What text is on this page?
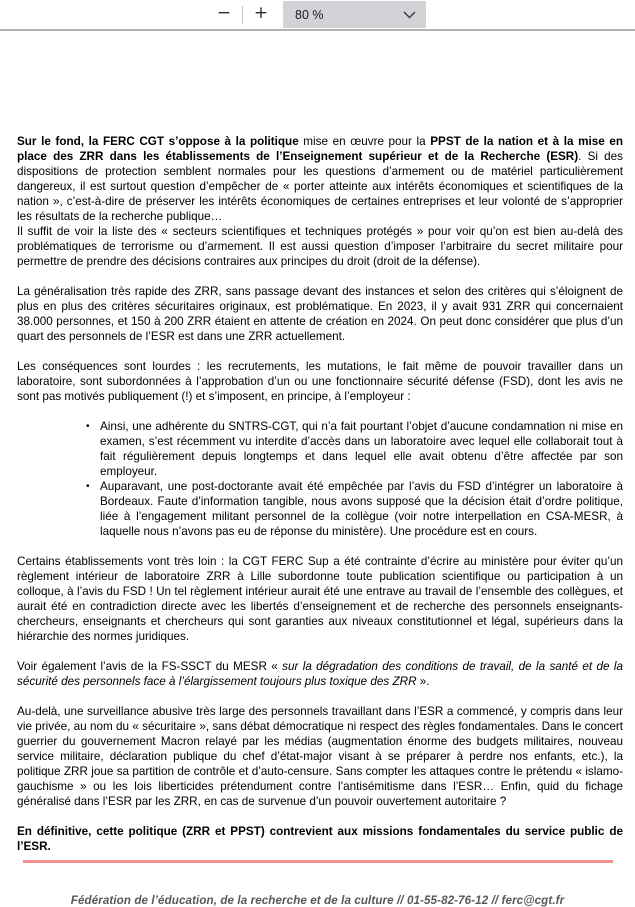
−	+	80 %

Sur le fond, la FERC CGT s’oppose à la politique mise en œuvre pour la PPST de la nation et à la mise en place des ZRR dans les établissements de l’Enseignement supérieur et de la Recherche (ESR). Si des dispositions de protection semblent normales pour les questions d’armement ou de matériel particulièrement dangereux, il est surtout question d’empêcher de « porter atteinte aux intérêts économiques et scientifiques de la nation », c’est-à-dire de préserver les intérêts économiques de certaines entreprises et leur volonté de s’approprier les résultats de la recherche publique…

Il suffit de voir la liste des « secteurs scientifiques et techniques protégés » pour voir qu’on est bien au-delà des problématiques de terrorisme ou d’armement. Il est aussi question d’imposer l’arbitraire du secret militaire pour permettre de prendre des décisions contraires aux principes du droit (droit de la défense).

La généralisation très rapide des ZRR, sans passage devant des instances et selon des critères qui s’éloignent de plus en plus des critères sécuritaires originaux, est problématique. En 2023, il y avait 931 ZRR qui concernaient 38.000 personnes, et 150 à 200 ZRR étaient en attente de création en 2024. On peut donc considérer que plus d’un quart des personnels de l’ESR est dans une ZRR actuellement.

Les conséquences sont lourdes : les recrutements, les mutations, le fait même de pouvoir travailler dans un laboratoire, sont subordonnées à l’approbation d’un ou une fonctionnaire sécurité défense (FSD), dont les avis ne sont pas motivés publiquement (!) et s’imposent, en principe, à l’employeur :

• Ainsi, une adhérente du SNTRS-CGT, qui n’a fait pourtant l’objet d’aucune condamnation ni mise en examen, s’est récemment vu interdite d’accès dans un laboratoire avec lequel elle collaborait tout à fait régulièrement depuis longtemps et dans lequel elle avait obtenu d’être affectée par son employeur.
• Auparavant, une post-doctorante avait été empêchée par l’avis du FSD d’intégrer un laboratoire à Bordeaux. Faute d’information tangible, nous avons supposé que la décision était d’ordre politique, liée à l’engagement militant personnel de la collègue (voir notre interpellation en CSA-MESR, à laquelle nous n’avons pas eu de réponse du ministère). Une procédure est en cours.

Certains établissements vont très loin : la CGT FERC Sup a été contrainte d’écrire au ministère pour éviter qu’un règlement intérieur de laboratoire ZRR à Lille subordonne toute publication scientifique ou participation à un colloque, à l’avis du FSD ! Un tel règlement intérieur aurait été une entrave au travail de l’ensemble des collègues, et aurait été en contradiction directe avec les libertés d’enseignement et de recherche des personnels enseignants-chercheurs, enseignants et chercheurs qui sont garanties aux niveaux constitutionnel et légal, supérieurs dans la hiérarchie des normes juridiques.

Voir également l’avis de la FS-SSCT du MESR « sur la dégradation des conditions de travail, de la santé et de la sécurité des personnels face à l’élargissement toujours plus toxique des ZRR ».

Au-delà, une surveillance abusive très large des personnels travaillant dans l’ESR a commencé, y compris dans leur vie privée, au nom du « sécuritaire », sans débat démocratique ni respect des règles fondamentales. Dans le concert guerrier du gouvernement Macron relayé par les médias (augmentation énorme des budgets militaires, nouveau service militaire, déclaration publique du chef d’état-major visant à se préparer à perdre nos enfants, etc.), la politique ZRR joue sa partition de contrôle et d’auto-censure. Sans compter les attaques contre le prétendu « islamo-gauchisme » ou les lois liberticides prétendument contre l’antisémitisme dans l’ESR… Enfin, quid du fichage généralisé dans l’ESR par les ZRR, en cas de survenue d’un pouvoir ouvertement autoritaire ?

En définitive, cette politique (ZRR et PPST) contrevient aux missions fondamentales du service public de l’ESR.

Fédération de l’éducation, de la recherche et de la culture // 01-55-82-76-12 // ferc@cgt.fr
